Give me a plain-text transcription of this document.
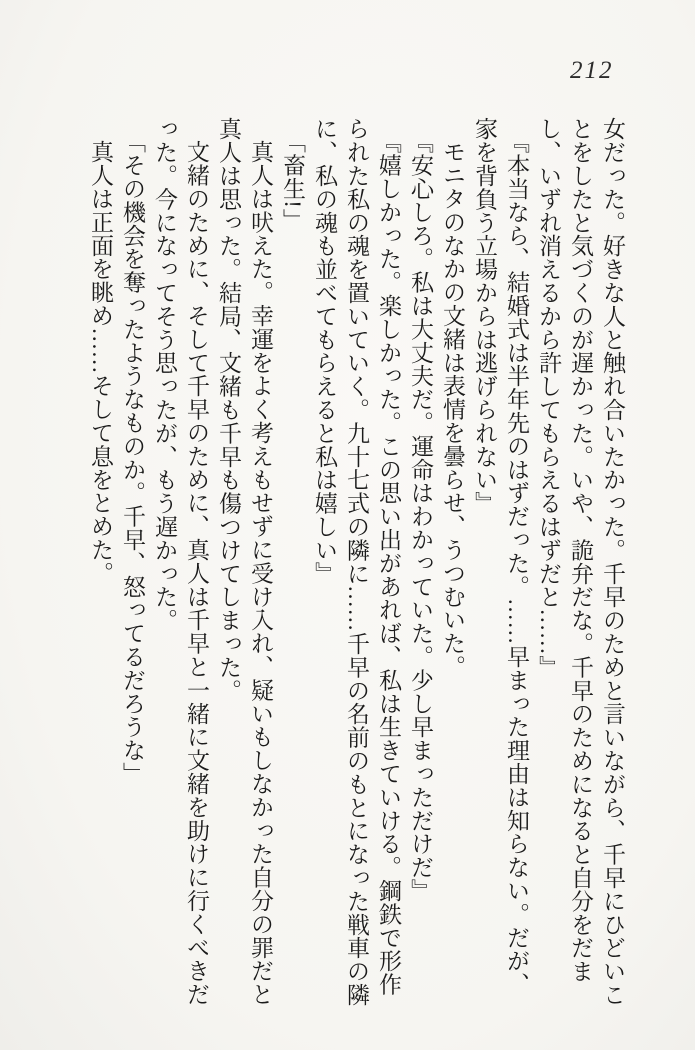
212

女だった。好きな人と触れ合いたかった。千早のためと言いながら、千早にひどいことをしたと気づくのが遅かった。いや、詭弁だな。千早のためになると自分をだまし、いずれ消えるから許してもらえるはずだと……』

『本当なら、結婚式は半年先のはずだった。……早まった理由は知らない。だが、家を背負う立場からは逃げられない』

モニタのなかの文緒は表情を曇らせ、うつむいた。

『安心しろ。私は大丈夫だ。運命はわかっていた。少し早まっただけだ』

『嬉しかった。楽しかった。この思い出があれば、私は生きていける。鋼鉄で形作られた私の魂を置いていく。九十七式の隣に……千早の名前のもとになった戦車の隣に、私の魂も並べてもらえると私は嬉しい』

「畜生!」

真人は吠えた。幸運をよく考えもせずに受け入れ、疑いもしなかった自分の罪だと真人は思った。結局、文緒も千早も傷つけてしまった。

文緒のために、そして千早のために、真人は千早と一緒に文緒を助けに行くべきだった。今になってそう思ったが、もう遅かった。

「その機会を奪ったようなものか。千早、怒ってるだろうな」

真人は正面を眺め……そして息をとめた。
